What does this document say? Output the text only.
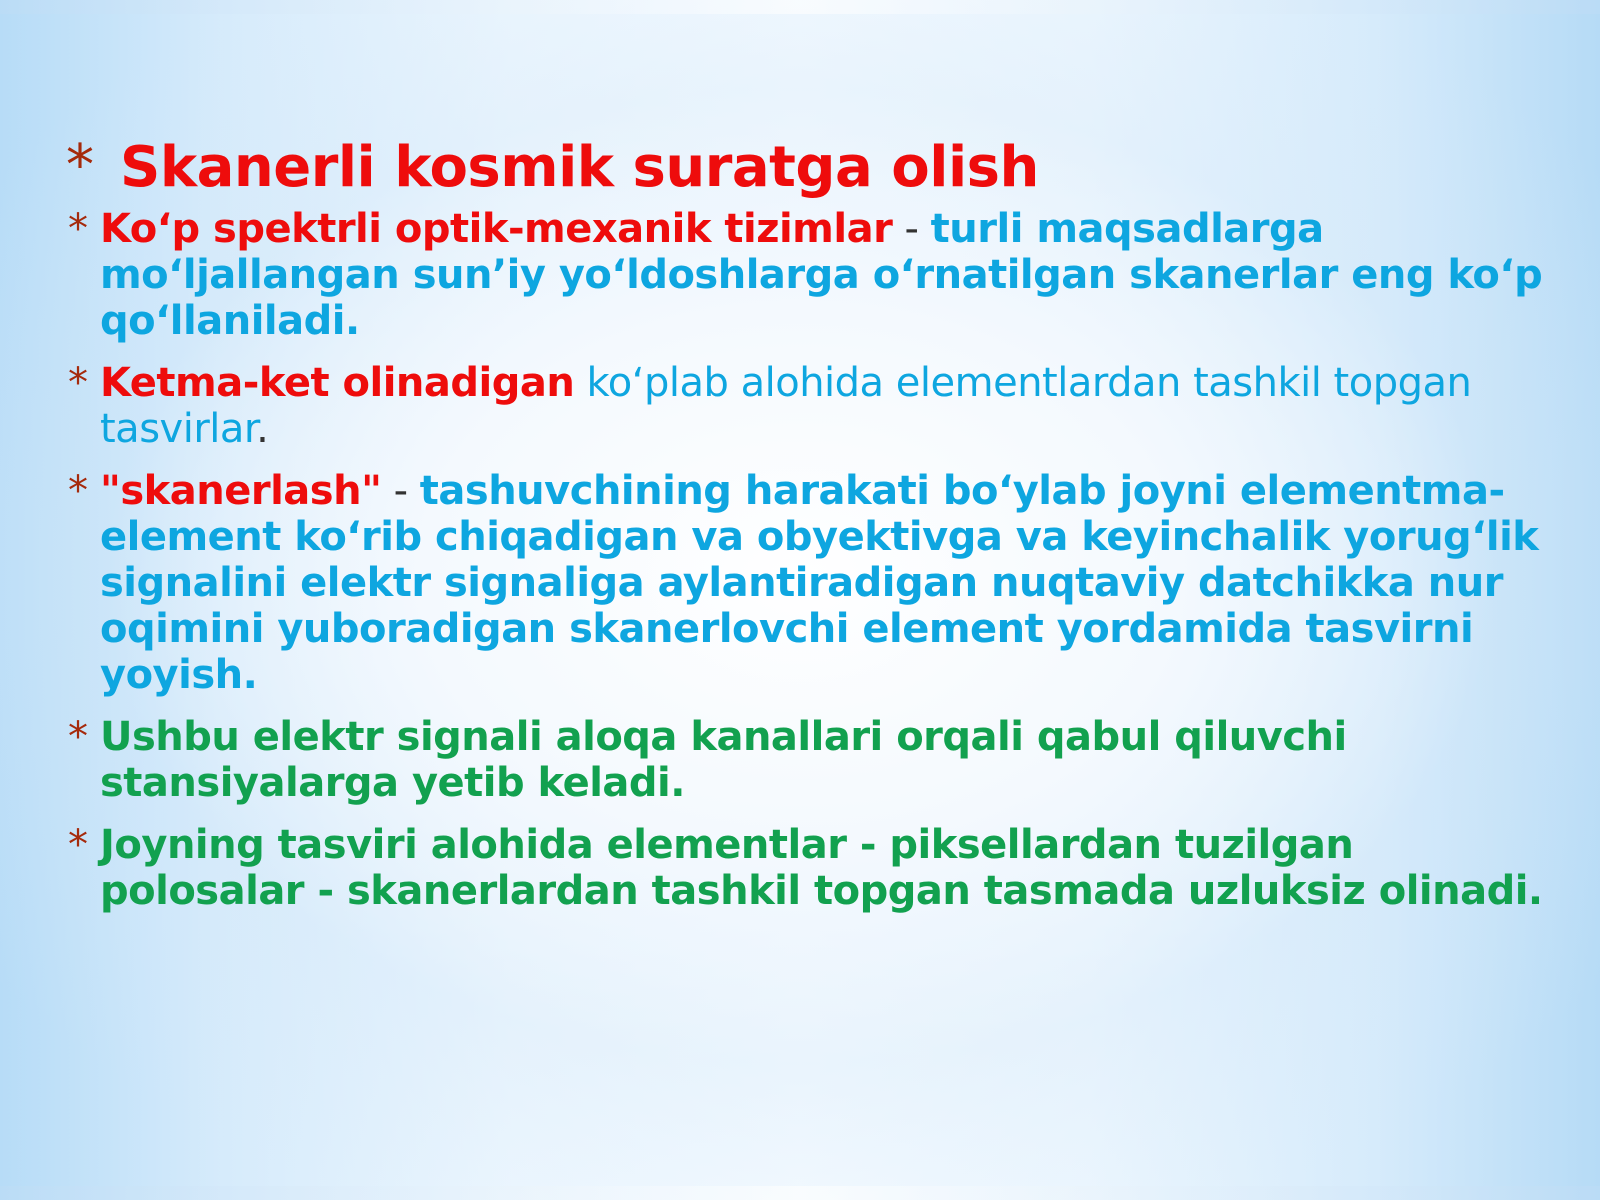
* Skanerli kosmik suratga olish
* Ko‘p spektrli optik-mexanik tizimlar - turli maqsadlarga mo‘ljallangan sun’iy yo‘ldoshlarga o‘rnatilgan skanerlar eng ko‘p qo‘llaniladi.
* Ketma-ket olinadigan ko‘plab alohida elementlardan tashkil topgan tasvirlar.
* "skanerlash" - tashuvchining harakati bo‘ylab joyni elementma-element ko‘rib chiqadigan va obyektivga va keyinchalik yorug‘lik signalini elektr signaliga aylantiradigan nuqtaviy datchikka nur oqimini yuboradigan skanerlovchi element yordamida tasvirni yoyish.
* Ushbu elektr signali aloqa kanallari orqali qabul qiluvchi stansiyalarga yetib keladi.
* Joyning tasviri alohida elementlar - piksellardan tuzilgan polosalar - skanerlardan tashkil topgan tasmada uzluksiz olinadi.
